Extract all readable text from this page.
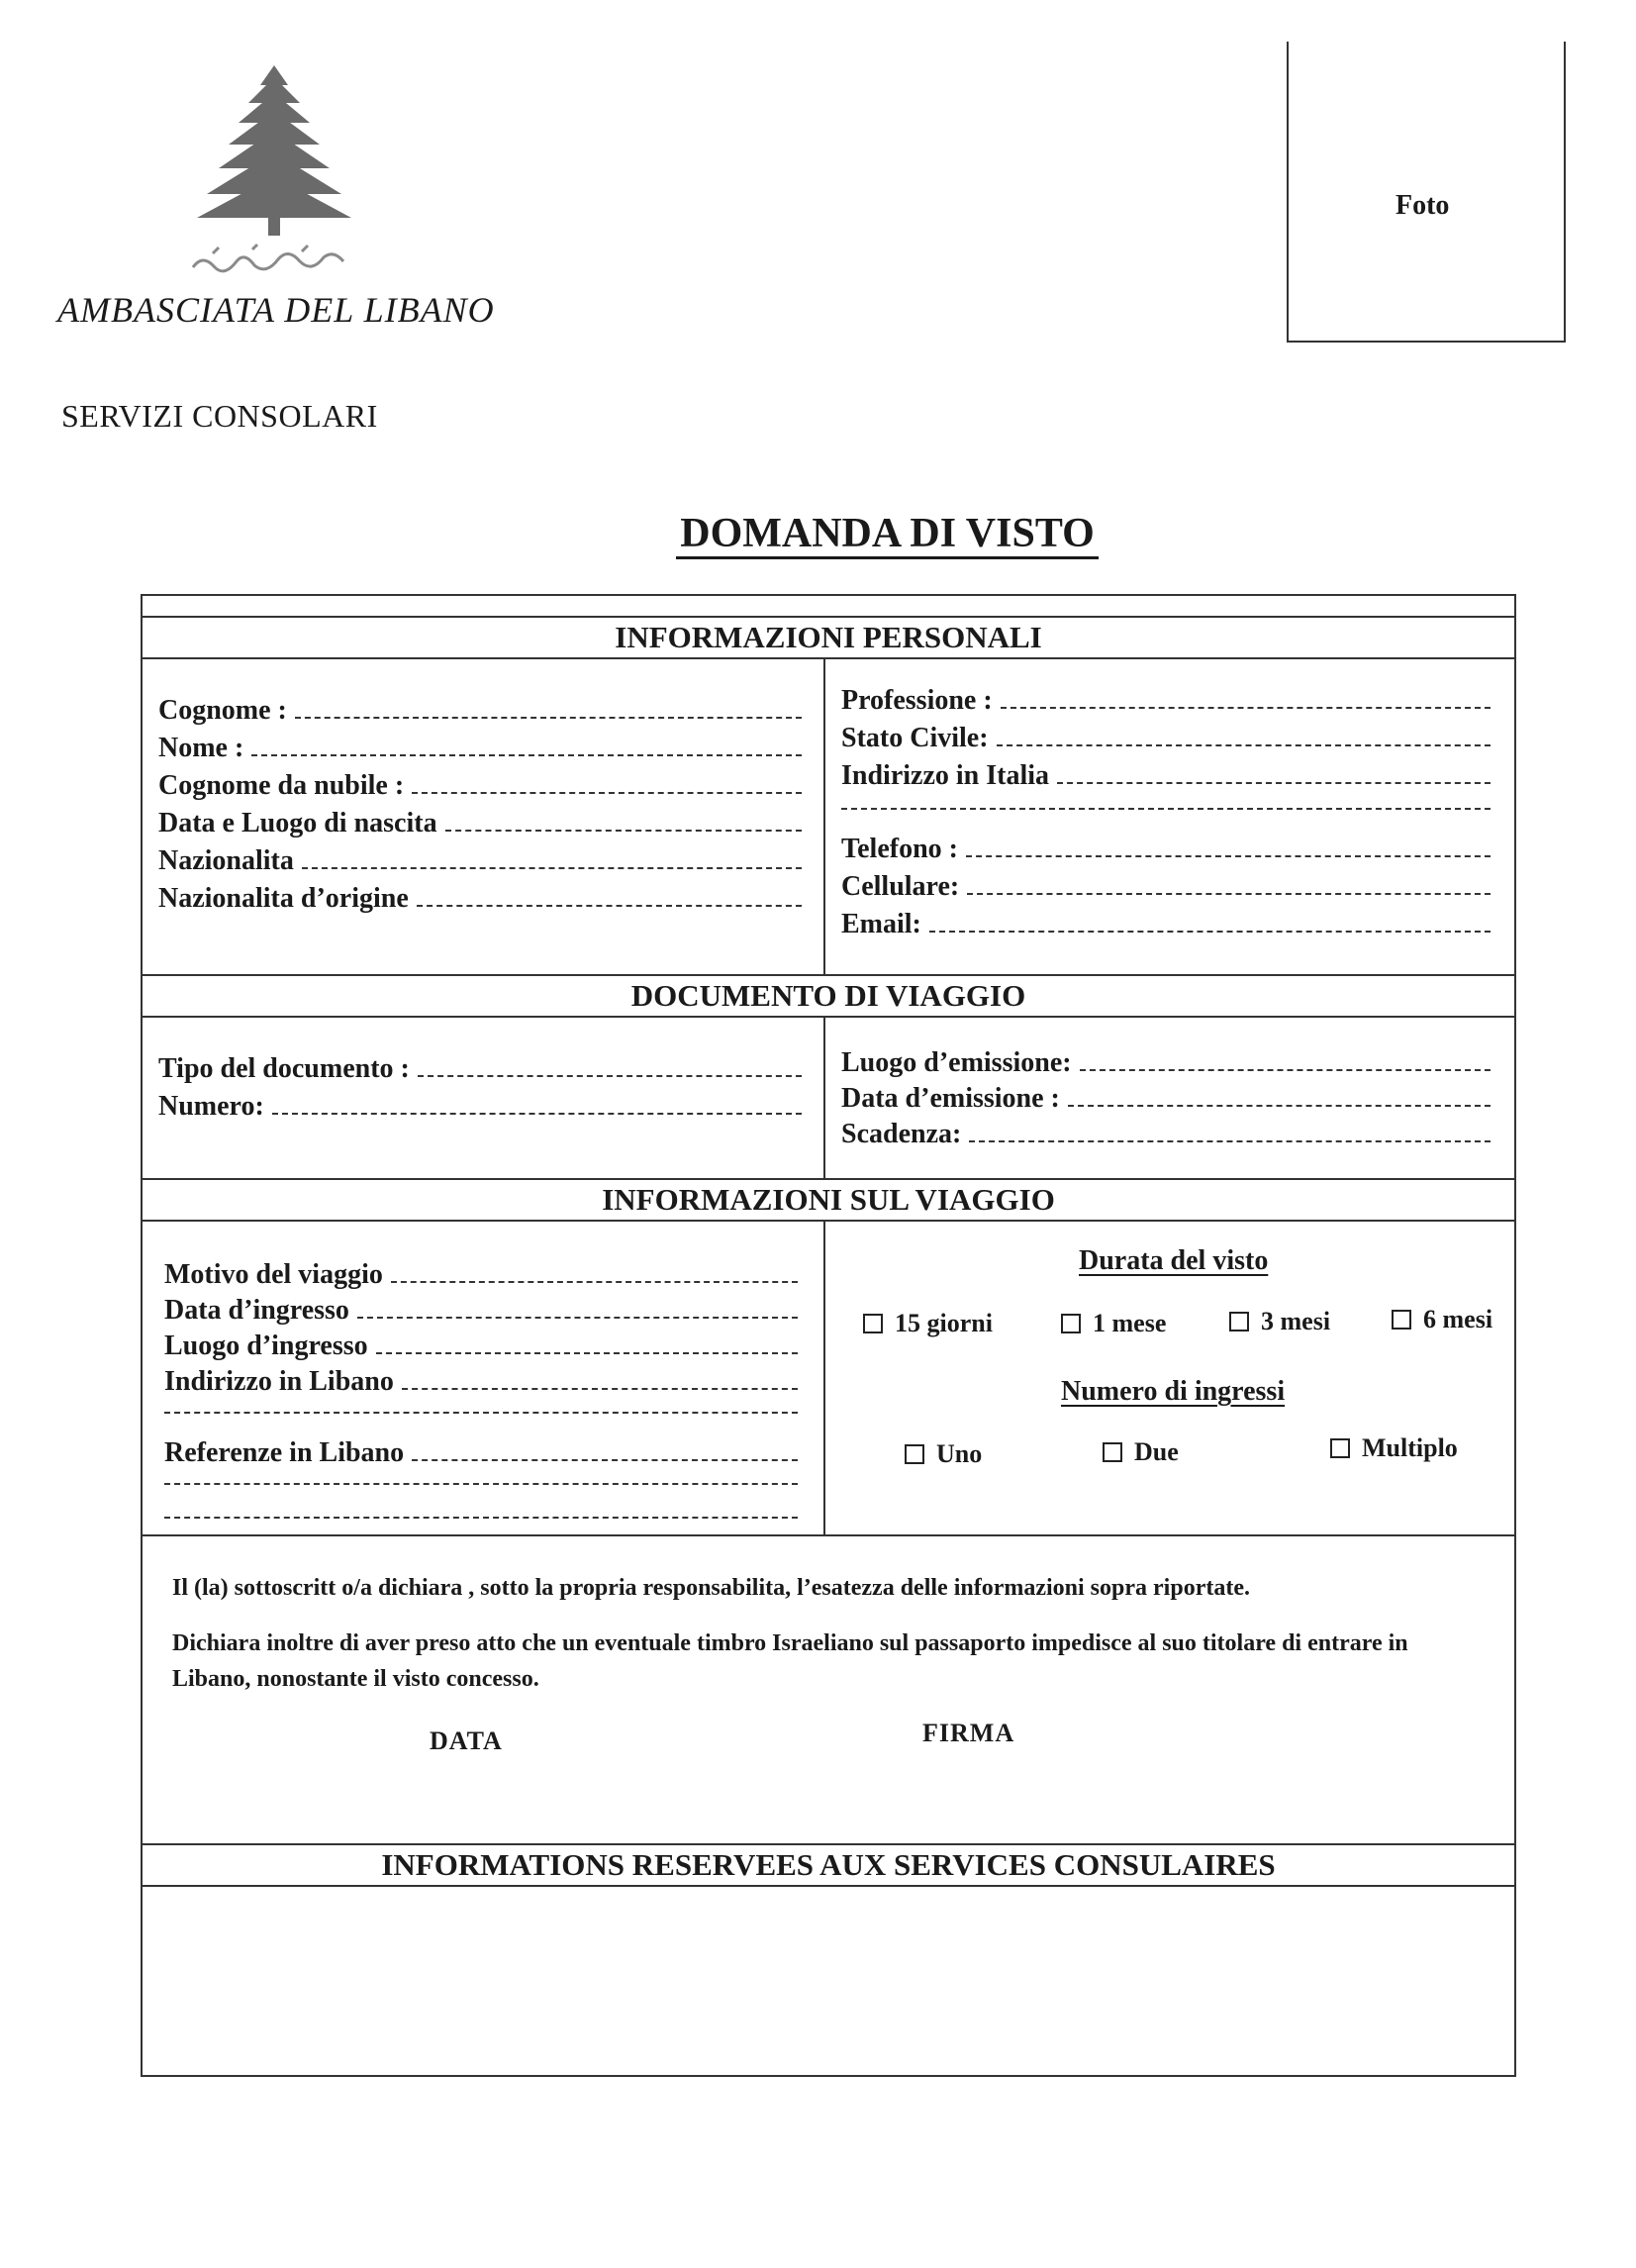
AMBASCIATA DEL LIBANO
SERVIZI CONSOLARI
Foto
DOMANDA DI VISTO
INFORMAZIONI PERSONALI
Cognome :
Nome :
Cognome da nubile :
Data e Luogo di nascita
Nazionalita
Nazionalita d’origine
Professione :
Stato Civile:
Indirizzo in Italia
Telefono :
Cellulare:
Email:
DOCUMENTO DI VIAGGIO
Tipo del documento :
Numero:
Luogo d’emissione:
Data d’emissione :
Scadenza:
INFORMAZIONI SUL VIAGGIO
Motivo del viaggio
Data d’ingresso
Luogo d’ingresso
Indirizzo in Libano
Referenze in Libano
Durata del visto
15 giorni	1 mese	3 mesi	6 mesi
Numero di ingressi
Uno	Due	Multiplo
Il (la) sottoscritt o/a dichiara , sotto la propria responsabilita, l’esatezza delle informazioni sopra riportate.
Dichiara inoltre di aver preso atto che un eventuale timbro Israeliano sul passaporto impedisce al suo titolare di entrare in Libano, nonostante il visto concesso.
DATA	FIRMA
INFORMATIONS RESERVEES AUX SERVICES CONSULAIRES
